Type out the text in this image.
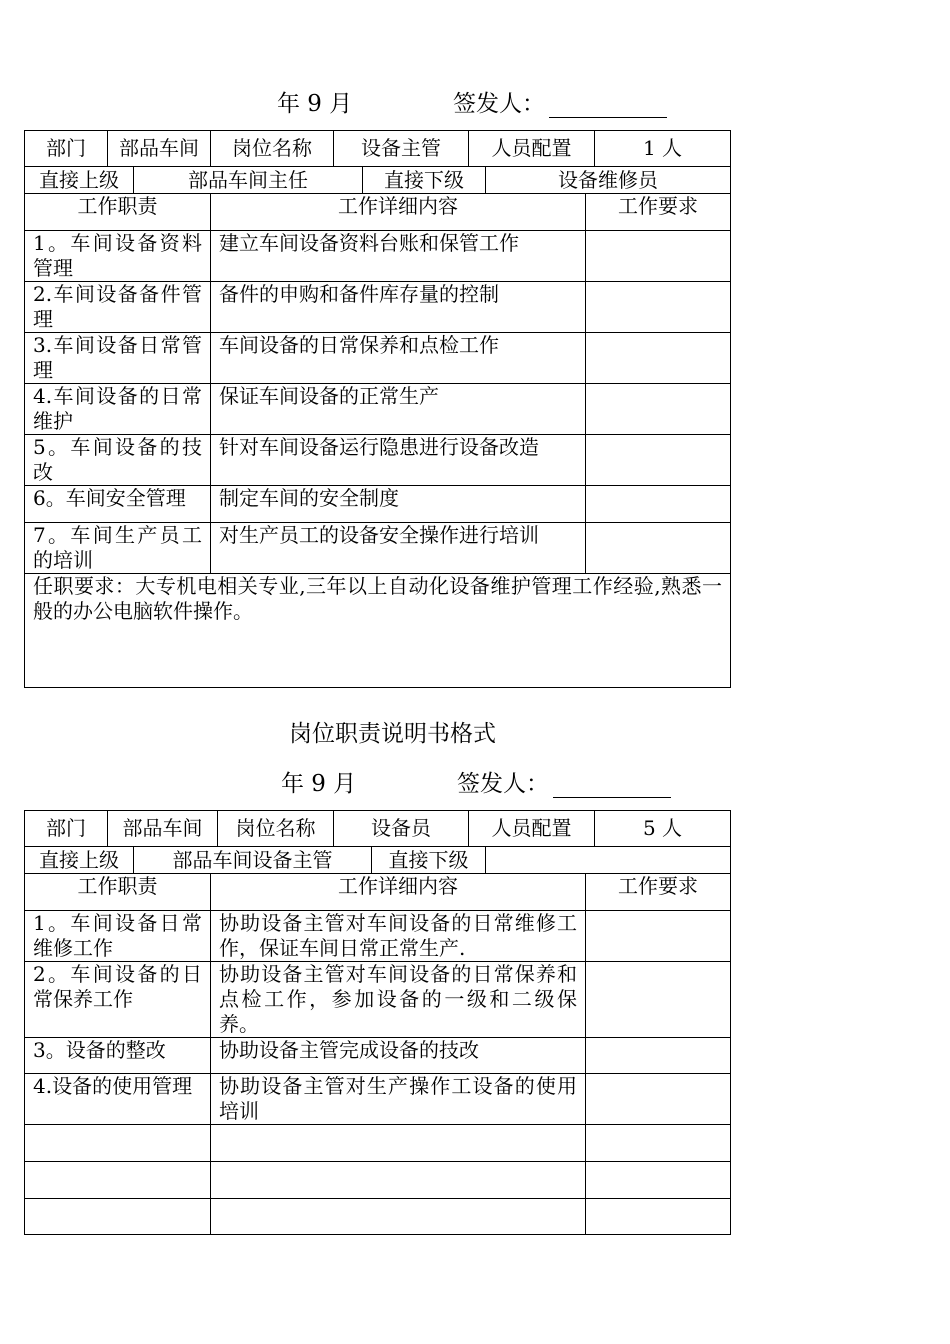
年 9 月	签发人：
部门	部品车间	岗位名称	设备主管	人员配置	1 人
直接上级	部品车间主任	直接下级	设备维修员
工作职责	工作详细内容	工作要求
1。车间设备资料管理	建立车间设备资料台账和保管工作	
2.车间设备备件管理	备件的申购和备件库存量的控制	
3.车间设备日常管理	车间设备的日常保养和点检工作	
4.车间设备的日常维护	保证车间设备的正常生产	
5。车间设备的技改	针对车间设备运行隐患进行设备改造	
6。车间安全管理	制定车间的安全制度	
7。车间生产员工的培训	对生产员工的设备安全操作进行培训	
任职要求：大专机电相关专业,三年以上自动化设备维护管理工作经验,熟悉一般的办公电脑软件操作。		
岗位职责说明书格式
年 9 月	签发人：
部门	部品车间	岗位名称	设备员	人员配置	5 人
直接上级	部品车间设备主管	直接下级	
工作职责	工作详细内容	工作要求
1。车间设备日常维修工作	协助设备主管对车间设备的日常维修工作，保证车间日常正常生产.	
2。车间设备的日常保养工作	协助设备主管对车间设备的日常保养和点检工作，参加设备的一级和二级保养。	
3。设备的整改	协助设备主管完成设备的技改	
4.设备的使用管理	协助设备主管对生产操作工设备的使用培训	
